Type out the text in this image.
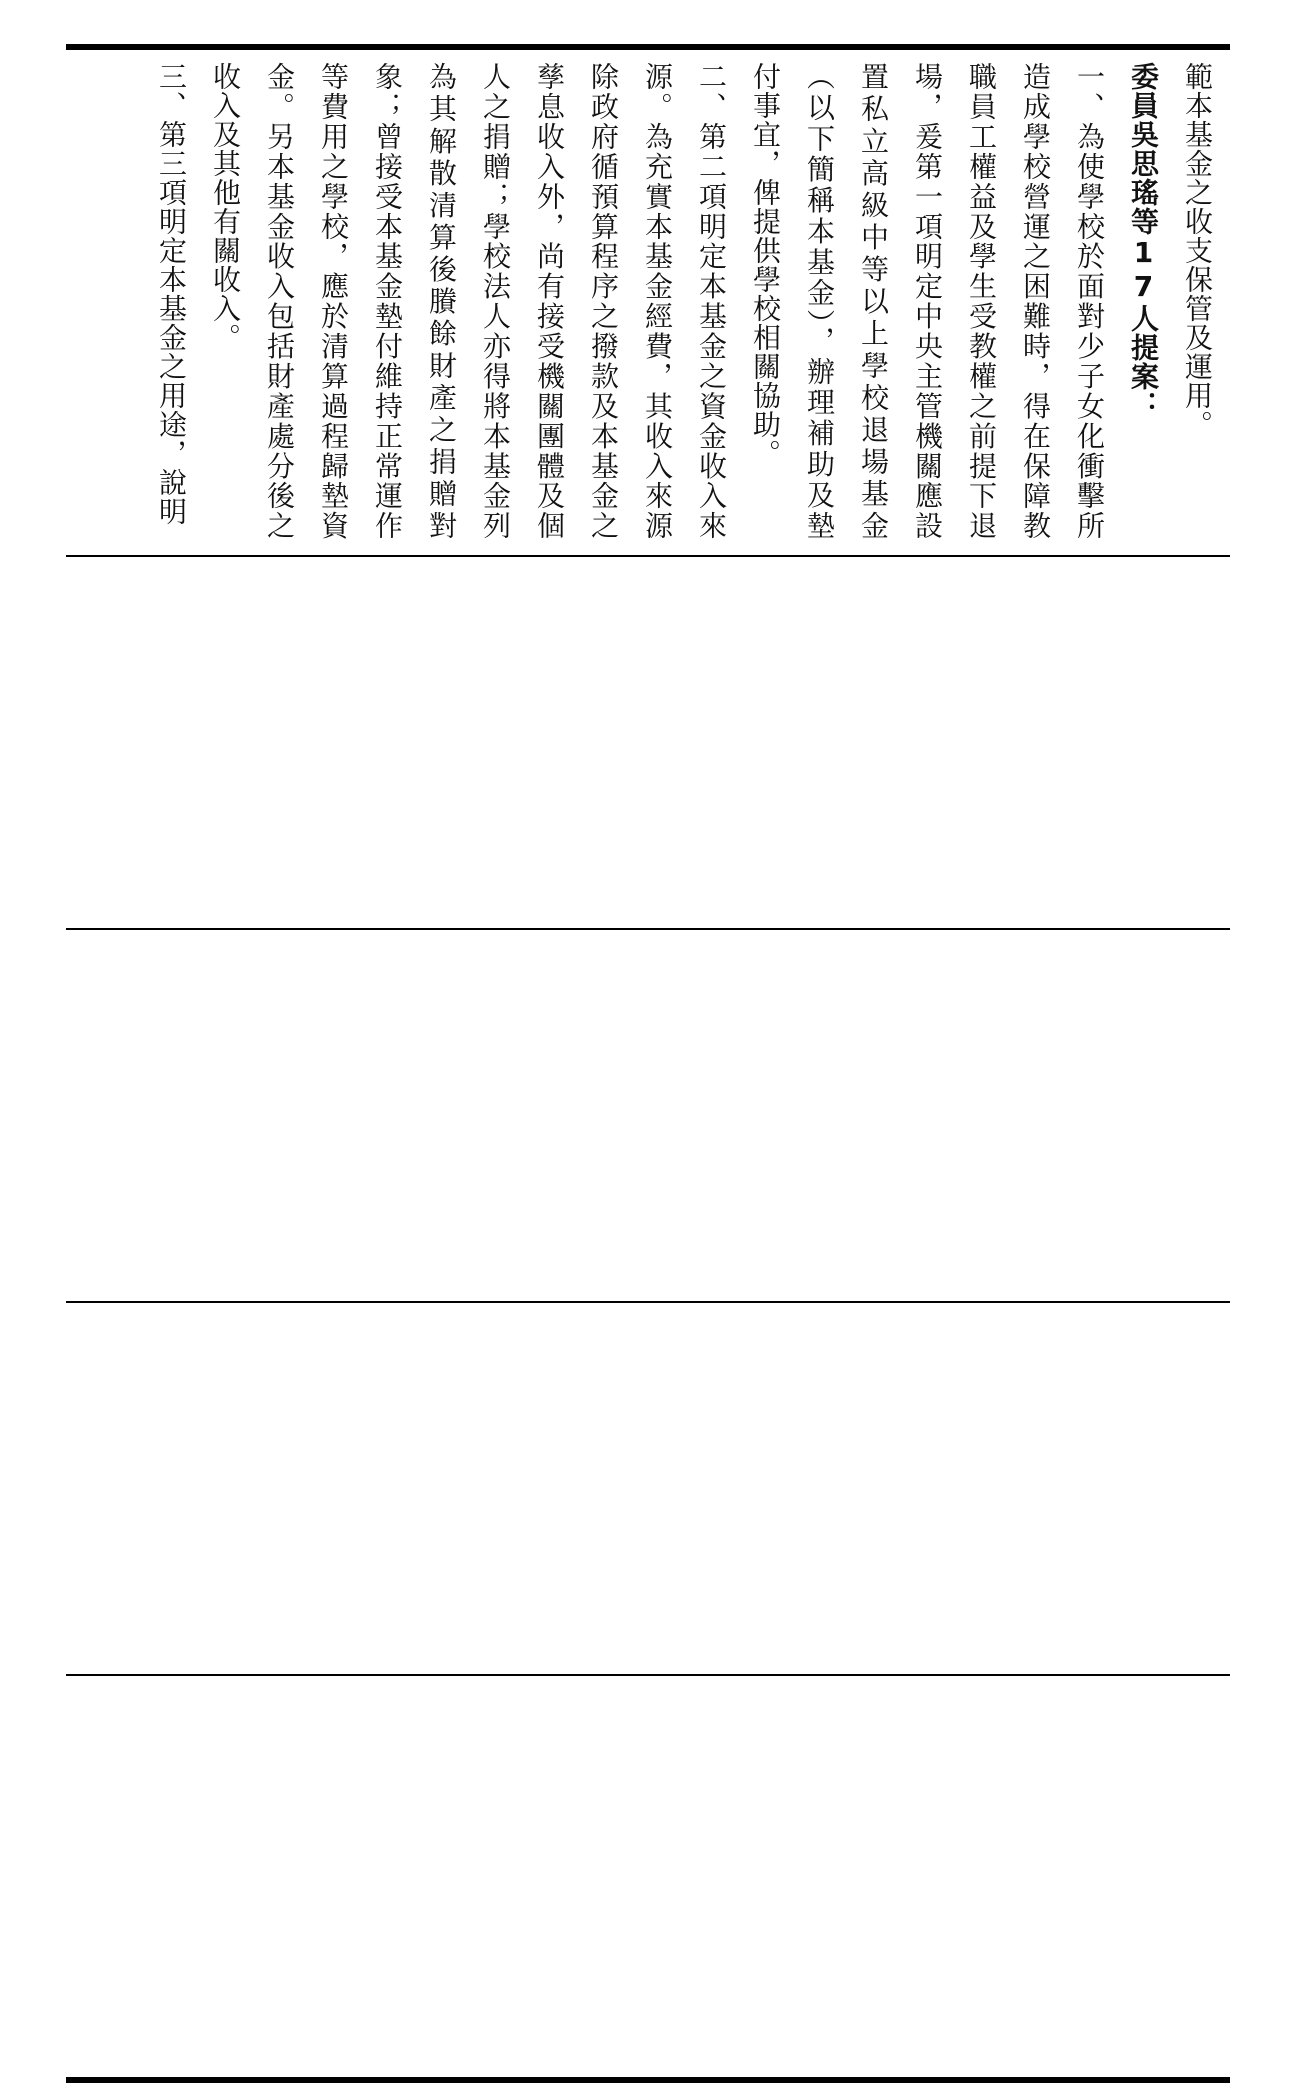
範本基金之收支保管及運用。

委員吳思瑤等17人提案：

一、為使學校於面對少子女化衝擊所造成學校營運之困難時，得在保障教職員工權益及學生受教權之前提下退場，爰第一項明定中央主管機關應設置私立高級中等以上學校退場基金（以下簡稱本基金），辦理補助及墊付事宜，俾提供學校相關協助。

二、第二項明定本基金之資金收入來源。為充實本基金經費，其收入來源除政府循預算程序之撥款及本基金之孳息收入外，尚有接受機關團體及個人之捐贈；學校法人亦得將本基金列為其解散清算後賸餘財產之捐贈對象；曾接受本基金墊付維持正常運作等費用之學校，應於清算過程歸墊資金。另本基金收入包括財產處分後之收入及其他有關收入。

三、第三項明定本基金之用途，說明
